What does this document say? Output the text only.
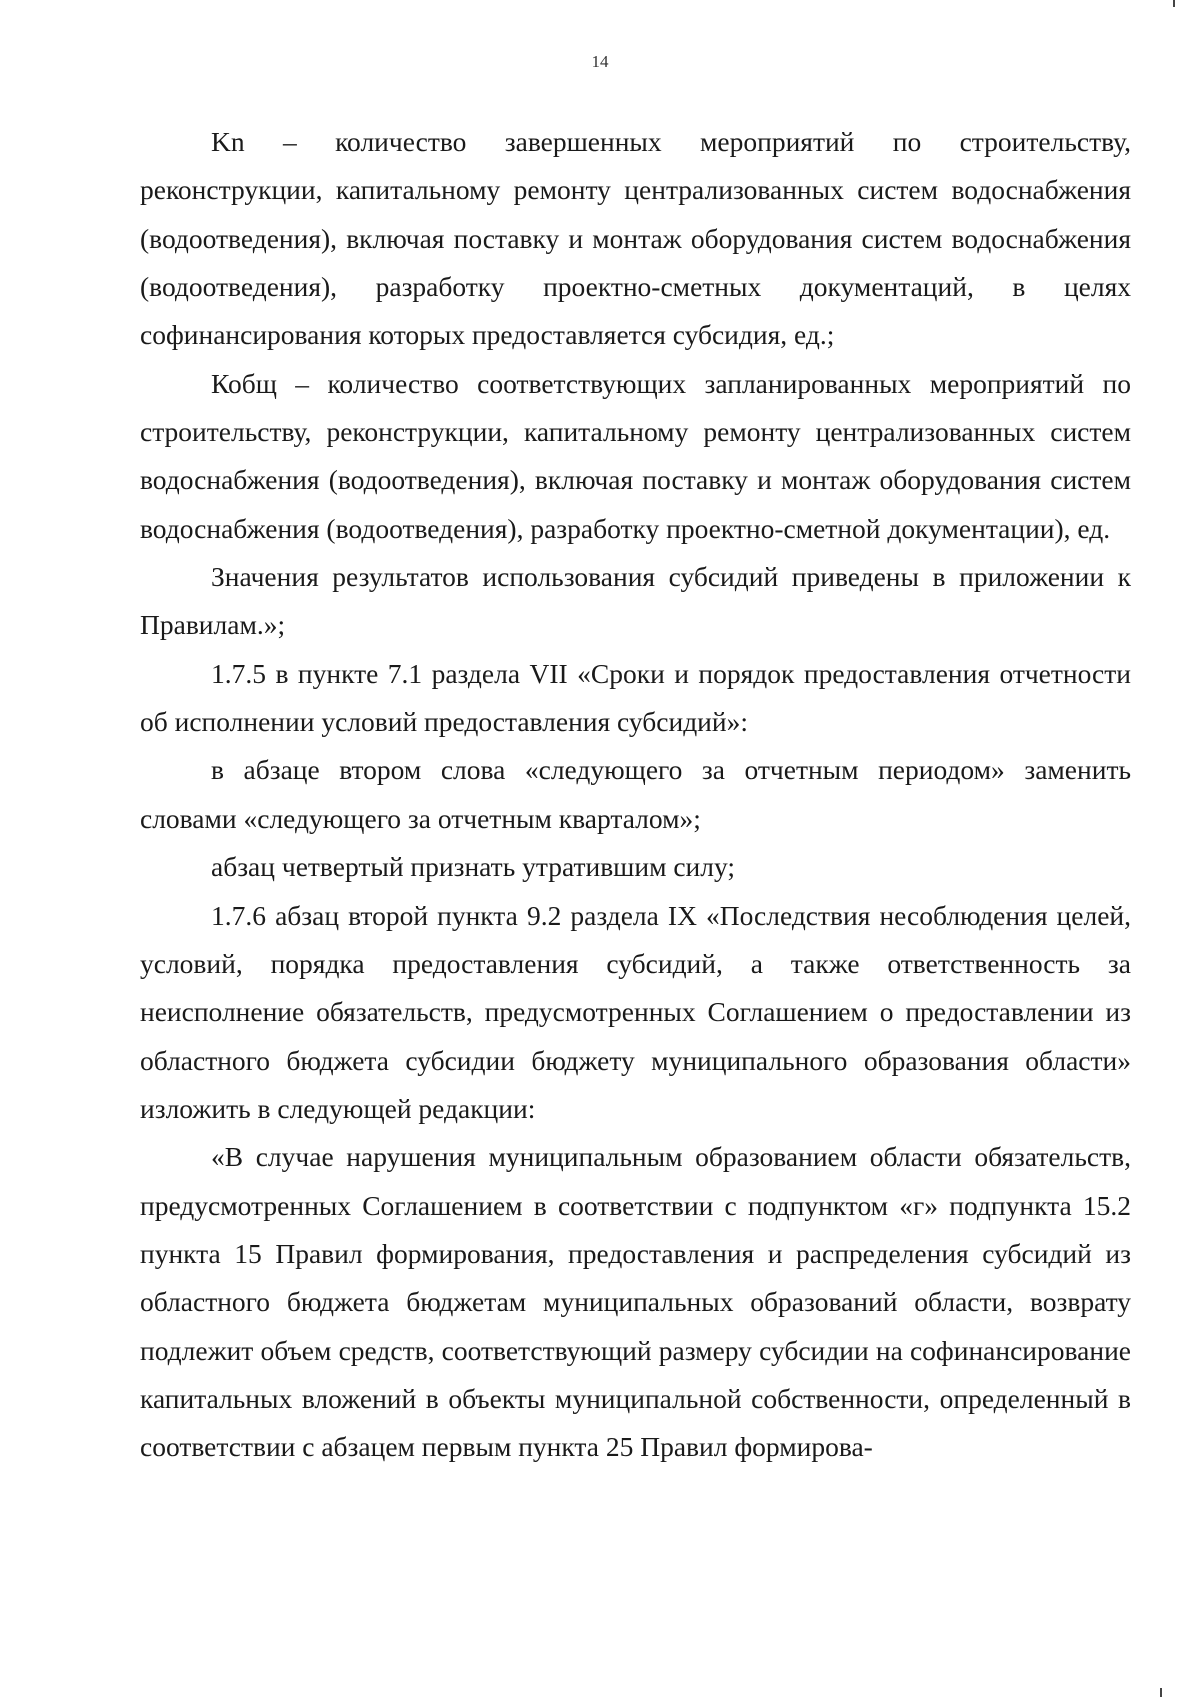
14

Kn – количество завершенных мероприятий по строительству, реконструкции, капитальному ремонту централизованных систем водоснабжения (водоотведения), включая поставку и монтаж оборудования систем водоснабжения (водоотведения), разработку проектно-сметных документаций, в целях софинансирования которых предоставляется субсидия, ед.;

Кобщ – количество соответствующих запланированных мероприятий по строительству, реконструкции, капитальному ремонту централизованных систем водоснабжения (водоотведения), включая поставку и монтаж оборудования систем водоснабжения (водоотведения), разработку проектно-сметной документации), ед.

Значения результатов использования субсидий приведены в приложении к Правилам.»;

1.7.5 в пункте 7.1 раздела VII «Сроки и порядок предоставления отчетности об исполнении условий предоставления субсидий»:

в абзаце втором слова «следующего за отчетным периодом» заменить словами «следующего за отчетным кварталом»;

абзац четвертый признать утратившим силу;

1.7.6 абзац второй пункта 9.2 раздела IX «Последствия несоблюдения целей, условий, порядка предоставления субсидий, а также ответственность за неисполнение обязательств, предусмотренных Соглашением о предоставлении из областного бюджета субсидии бюджету муниципального образования области» изложить в следующей редакции:

«В случае нарушения муниципальным образованием области обязательств, предусмотренных Соглашением в соответствии с подпунктом «г» подпункта 15.2 пункта 15 Правил формирования, предоставления и распределения субсидий из областного бюджета бюджетам муниципальных образований области, возврату подлежит объем средств, соответствующий размеру субсидии на софинансирование капитальных вложений в объекты муниципальной собственности, определенный в соответствии с абзацем первым пункта 25 Правил формирова-
